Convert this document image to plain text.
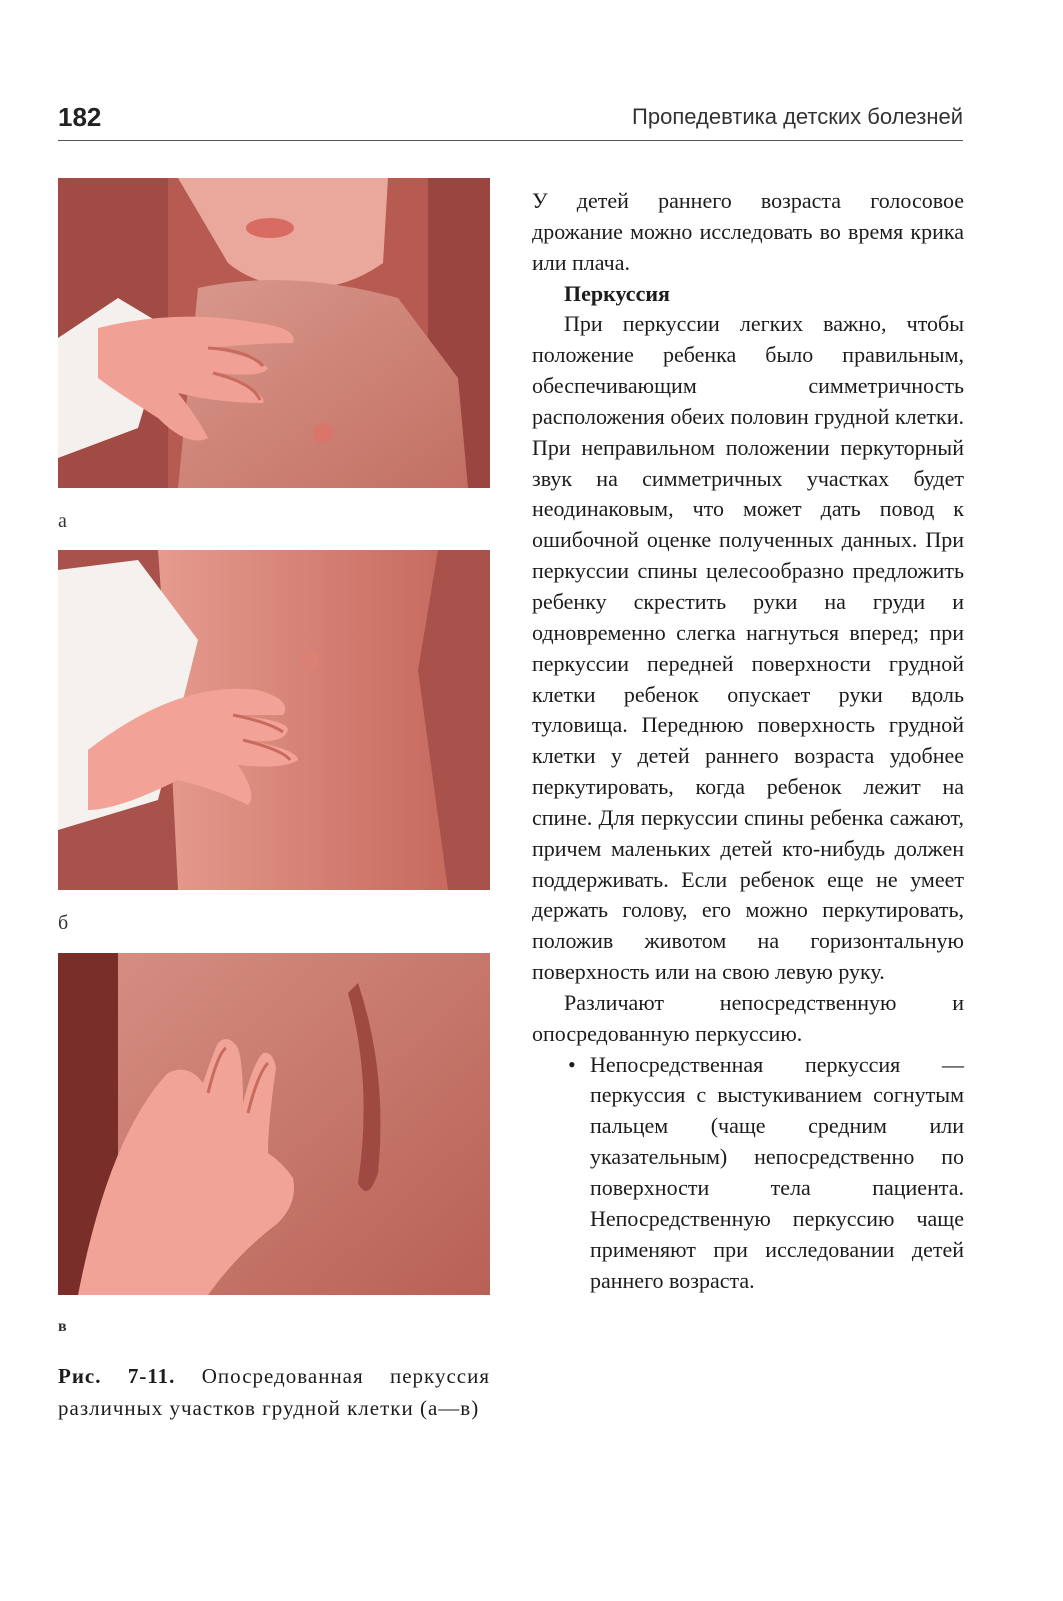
182	Пропедевтика детских болезней
а
б
в
Рис. 7-11. Опосредованная перкуссия различных участков грудной клетки (а—в)

У детей раннего возраста голосовое дрожание можно исследовать во время крика или плача.

Перкуссия

При перкуссии легких важно, чтобы положение ребенка было правильным, обеспечивающим симметричность расположения обеих половин грудной клетки. При неправильном положении перкуторный звук на симметричных участках будет неодинаковым, что может дать повод к ошибочной оценке полученных данных. При перкуссии спины целесообразно предложить ребенку скрестить руки на груди и одновременно слегка нагнуться вперед; при перкуссии передней поверхности грудной клетки ребенок опускает руки вдоль туловища. Переднюю поверхность грудной клетки у детей раннего возраста удобнее перкутировать, когда ребенок лежит на спине. Для перкуссии спины ребенка сажают, причем маленьких детей кто-нибудь должен поддерживать. Если ребенок еще не умеет держать голову, его можно перкутировать, положив животом на горизонтальную поверхность или на свою левую руку.

Различают непосредственную и опосредованную перкуссию.

• Непосредственная перкуссия — перкуссия с выстукиванием согнутым пальцем (чаще средним или указательным) непосредственно по поверхности тела пациента. Непосредственную перкуссию чаще применяют при исследовании детей раннего возраста.
